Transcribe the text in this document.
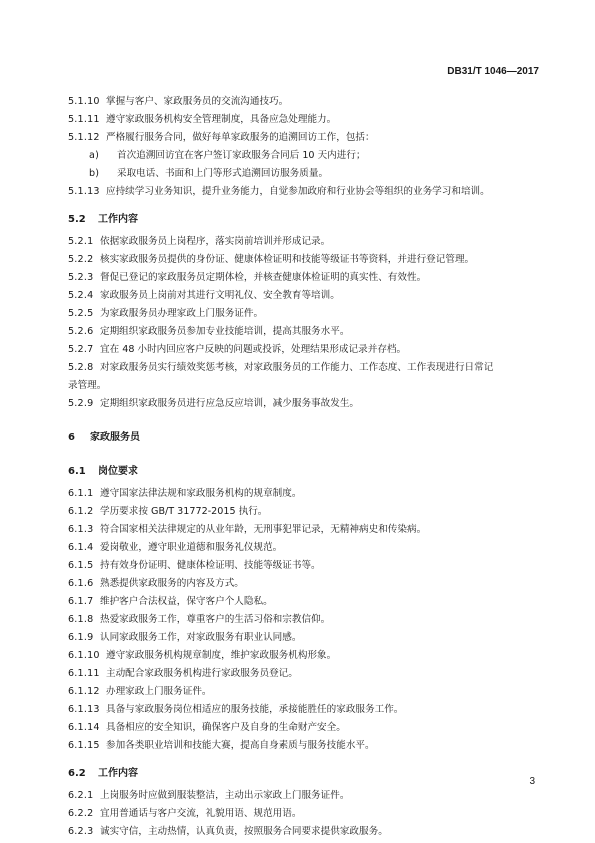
DB31/T 1046—2017
5.1.10 掌握与客户、家政服务员的交流沟通技巧。
5.1.11 遵守家政服务机构安全管理制度，具备应急处理能力。
5.1.12 严格履行服务合同，做好每单家政服务的追溯回访工作，包括：
a)	首次追溯回访宜在客户签订家政服务合同后 10 天内进行；
b)	采取电话、书面和上门等形式追溯回访服务质量。
5.1.13 应持续学习业务知识，提升业务能力，自觉参加政府和行业协会等组织的业务学习和培训。
5.2	工作内容
5.2.1 依据家政服务员上岗程序，落实岗前培训并形成记录。
5.2.2 核实家政服务员提供的身份证、健康体检证明和技能等级证书等资料，并进行登记管理。
5.2.3 督促已登记的家政服务员定期体检，并核查健康体检证明的真实性、有效性。
5.2.4 家政服务员上岗前对其进行文明礼仪、安全教育等培训。
5.2.5 为家政服务员办理家政上门服务证件。
5.2.6 定期组织家政服务员参加专业技能培训，提高其服务水平。
5.2.7 宜在 48 小时内回应客户反映的问题或投诉，处理结果形成记录并存档。
5.2.8 对家政服务员实行绩效奖惩考核，对家政服务员的工作能力、工作态度、工作表现进行日常记
录管理。
5.2.9 定期组织家政服务员进行应急反应培训，减少服务事故发生。
6	家政服务员
6.1	岗位要求
6.1.1 遵守国家法律法规和家政服务机构的规章制度。
6.1.2 学历要求按 GB/T 31772-2015 执行。
6.1.3 符合国家相关法律规定的从业年龄，无刑事犯罪记录，无精神病史和传染病。
6.1.4 爱岗敬业，遵守职业道德和服务礼仪规范。
6.1.5 持有效身份证明、健康体检证明、技能等级证书等。
6.1.6 熟悉提供家政服务的内容及方式。
6.1.7 维护客户合法权益，保守客户个人隐私。
6.1.8 热爱家政服务工作，尊重客户的生活习俗和宗教信仰。
6.1.9 认同家政服务工作，对家政服务有职业认同感。
6.1.10 遵守家政服务机构规章制度，维护家政服务机构形象。
6.1.11 主动配合家政服务机构进行家政服务员登记。
6.1.12 办理家政上门服务证件。
6.1.13 具备与家政服务岗位相适应的服务技能，承接能胜任的家政服务工作。
6.1.14 具备相应的安全知识，确保客户及自身的生命财产安全。
6.1.15 参加各类职业培训和技能大赛，提高自身素质与服务技能水平。
6.2	工作内容
6.2.1 上岗服务时应做到服装整洁，主动出示家政上门服务证件。
6.2.2 宜用普通话与客户交流，礼貌用语、规范用语。
6.2.3 诚实守信，主动热情，认真负责，按照服务合同要求提供家政服务。
3
